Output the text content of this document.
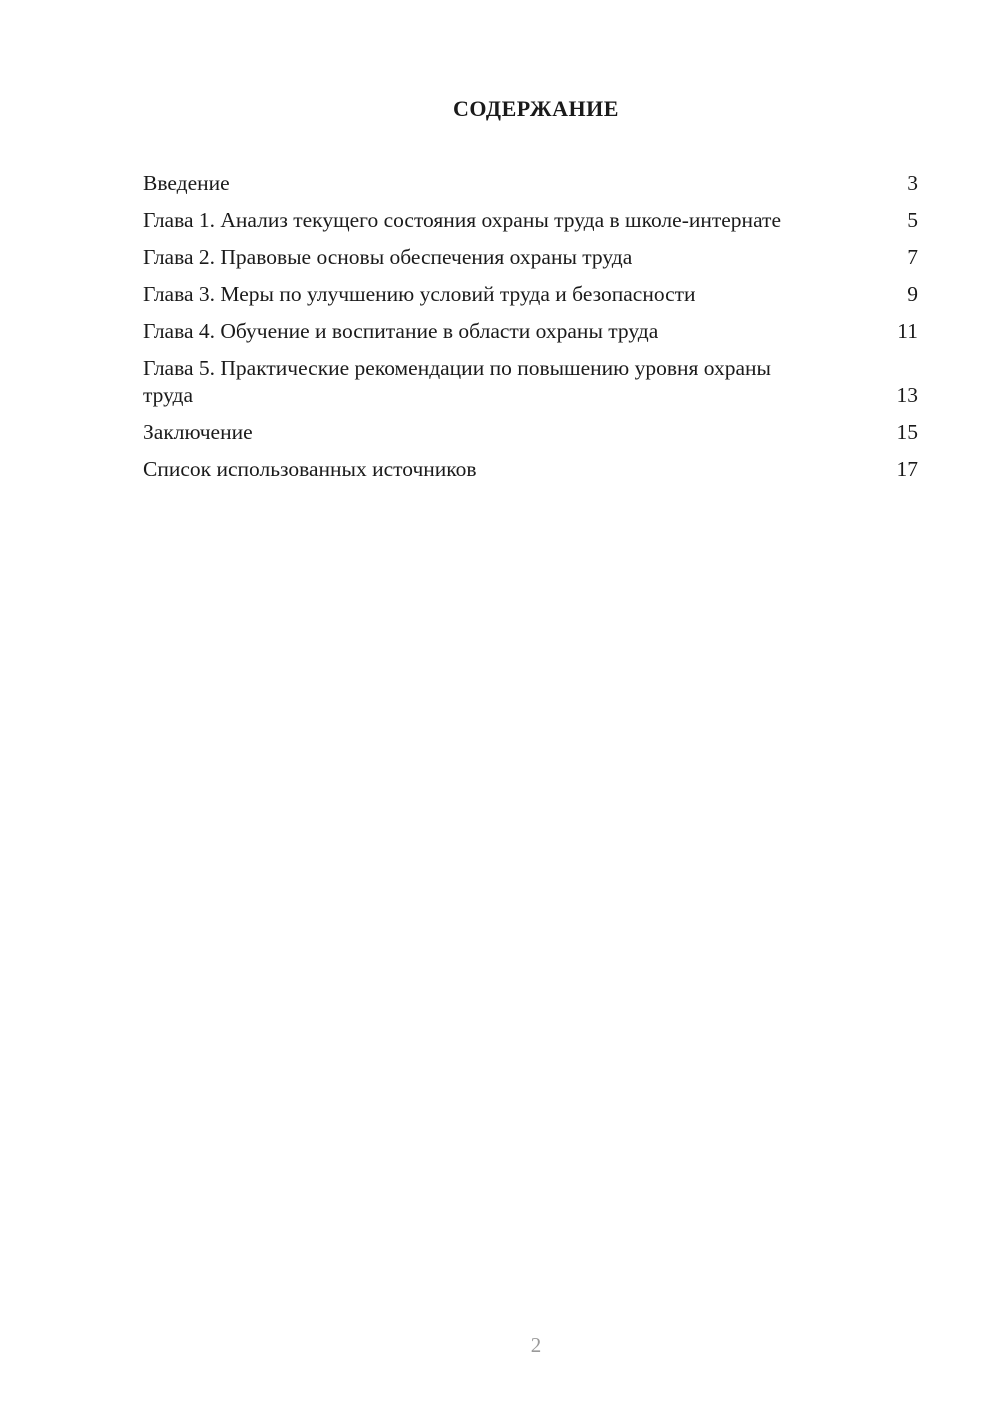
СОДЕРЖАНИЕ
Введение	3
Глава 1. Анализ текущего состояния охраны труда в школе-интернате	5
Глава 2. Правовые основы обеспечения охраны труда	7
Глава 3. Меры по улучшению условий труда и безопасности	9
Глава 4. Обучение и воспитание в области охраны труда	11
Глава 5. Практические рекомендации по повышению уровня охраны труда	13
Заключение	15
Список использованных источников	17
2
